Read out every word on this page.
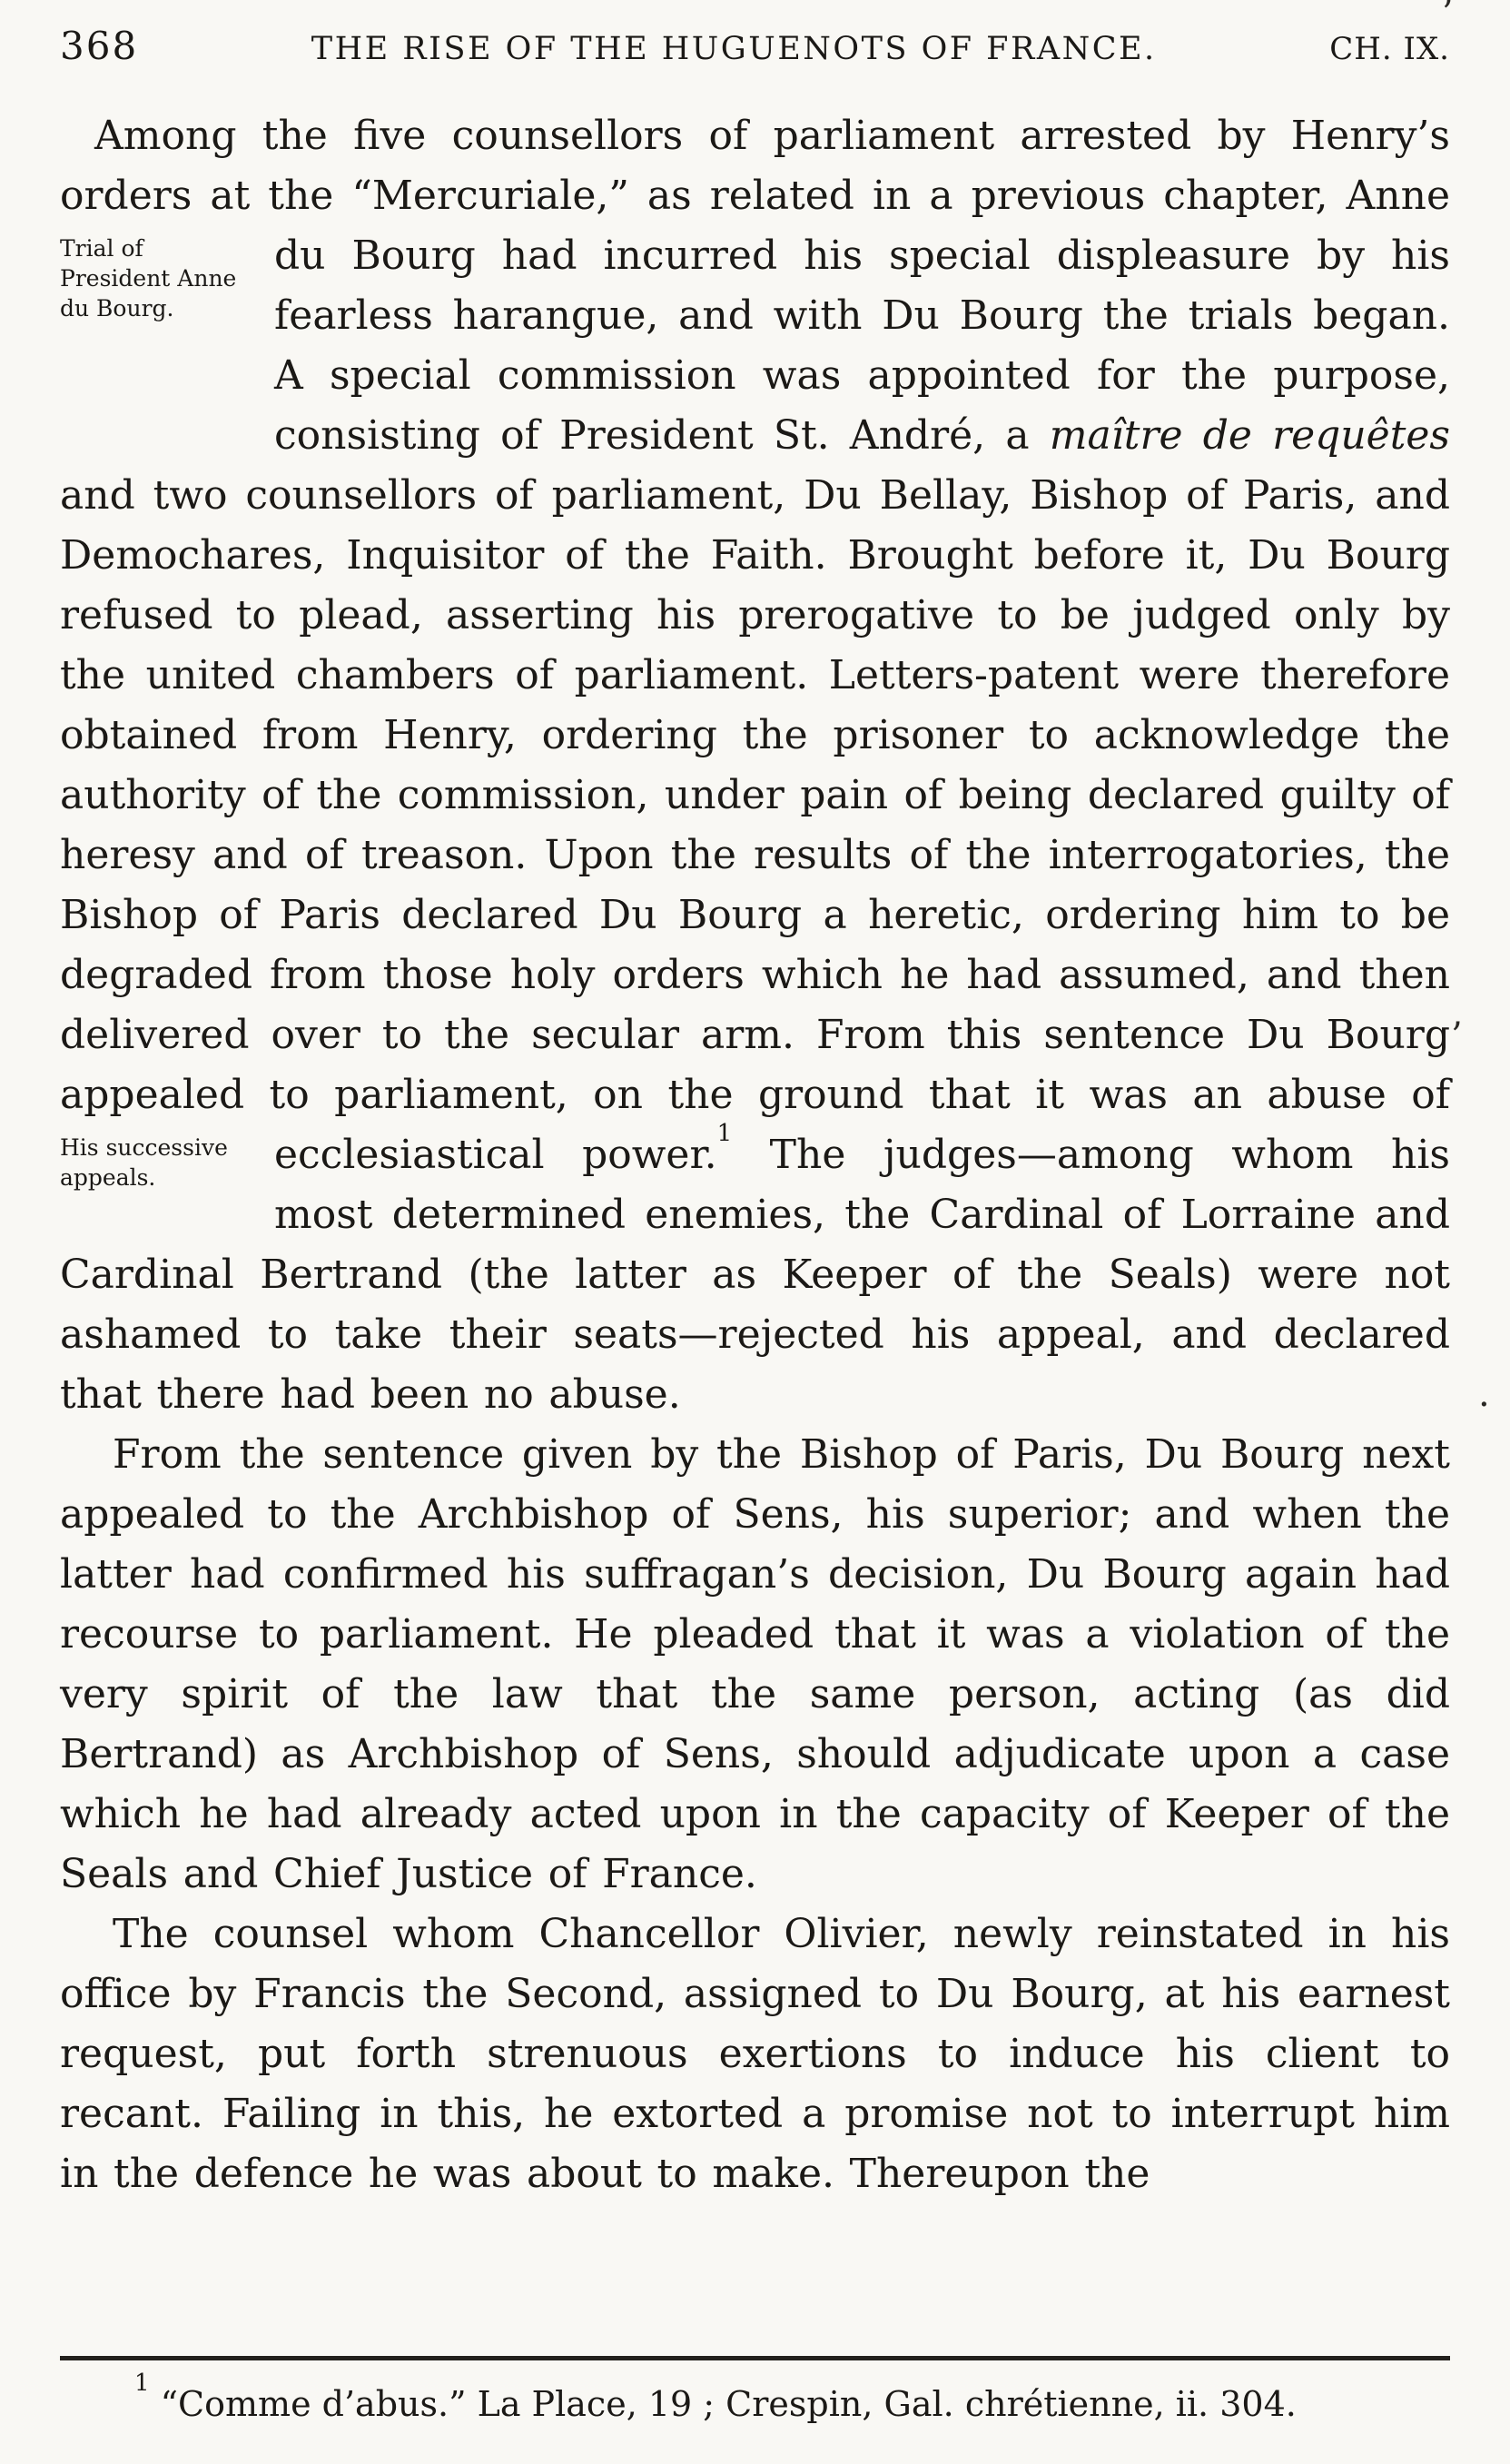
368	THE RISE OF THE HUGUENOTS OF FRANCE.	CH. IX.

Among the five counsellors of parliament arrested by Henry’s orders at the “Mercuriale,” as related in a previous chapter,
Trial of President Anne du Bourg.
Anne du Bourg had incurred his special displeasure by his fearless harangue, and with Du Bourg the trials began. A special commission was appointed for the purpose, consisting of President St. André, a maître de requêtes and two counsellors of parliament, Du Bellay, Bishop of Paris, and Demochares, Inquisitor of the Faith. Brought before it, Du Bourg refused to plead, asserting his prerogative to be judged only by the united chambers of parliament. Letters-patent were therefore obtained from Henry, ordering the prisoner to acknowledge the authority of the commission, under pain of being declared guilty of heresy and of treason. Upon the results of the interrogatories, the Bishop of Paris declared Du Bourg a heretic, ordering him to be degraded from those holy orders which he had assumed, and then delivered over to the secular arm. From this sentence Du Bourg appealed to parliament, on the ground that it was an abuse of
His successive appeals.	ecclesiastical power.$^1$ The judges—among whom his most determined enemies, the Cardinal of Lorraine and Cardinal Bertrand (the latter as Keeper of the Seals) were not ashamed to take their seats—rejected his appeal, and declared that there had been no abuse.

From the sentence given by the Bishop of Paris, Du Bourg next appealed to the Archbishop of Sens, his superior; and when the latter had confirmed his suffragan’s decision, Du Bourg again had recourse to parliament. He pleaded that it was a violation of the very spirit of the law that the same person, acting (as did Bertrand) as Archbishop of Sens, should adjudicate upon a case which he had already acted upon in the capacity of Keeper of the Seals and Chief Justice of France.

The counsel whom Chancellor Olivier, newly reinstated in his office by Francis the Second, assigned to Du Bourg, at his earnest request, put forth strenuous exertions to induce his client to recant. Failing in this, he extorted a promise not to interrupt him in the defence he was about to make. Thereupon the

$^1$ “Comme d’abus.” La Place, 19 ; Crespin, Gal. chrétienne, ii. 304.

’
.
’
